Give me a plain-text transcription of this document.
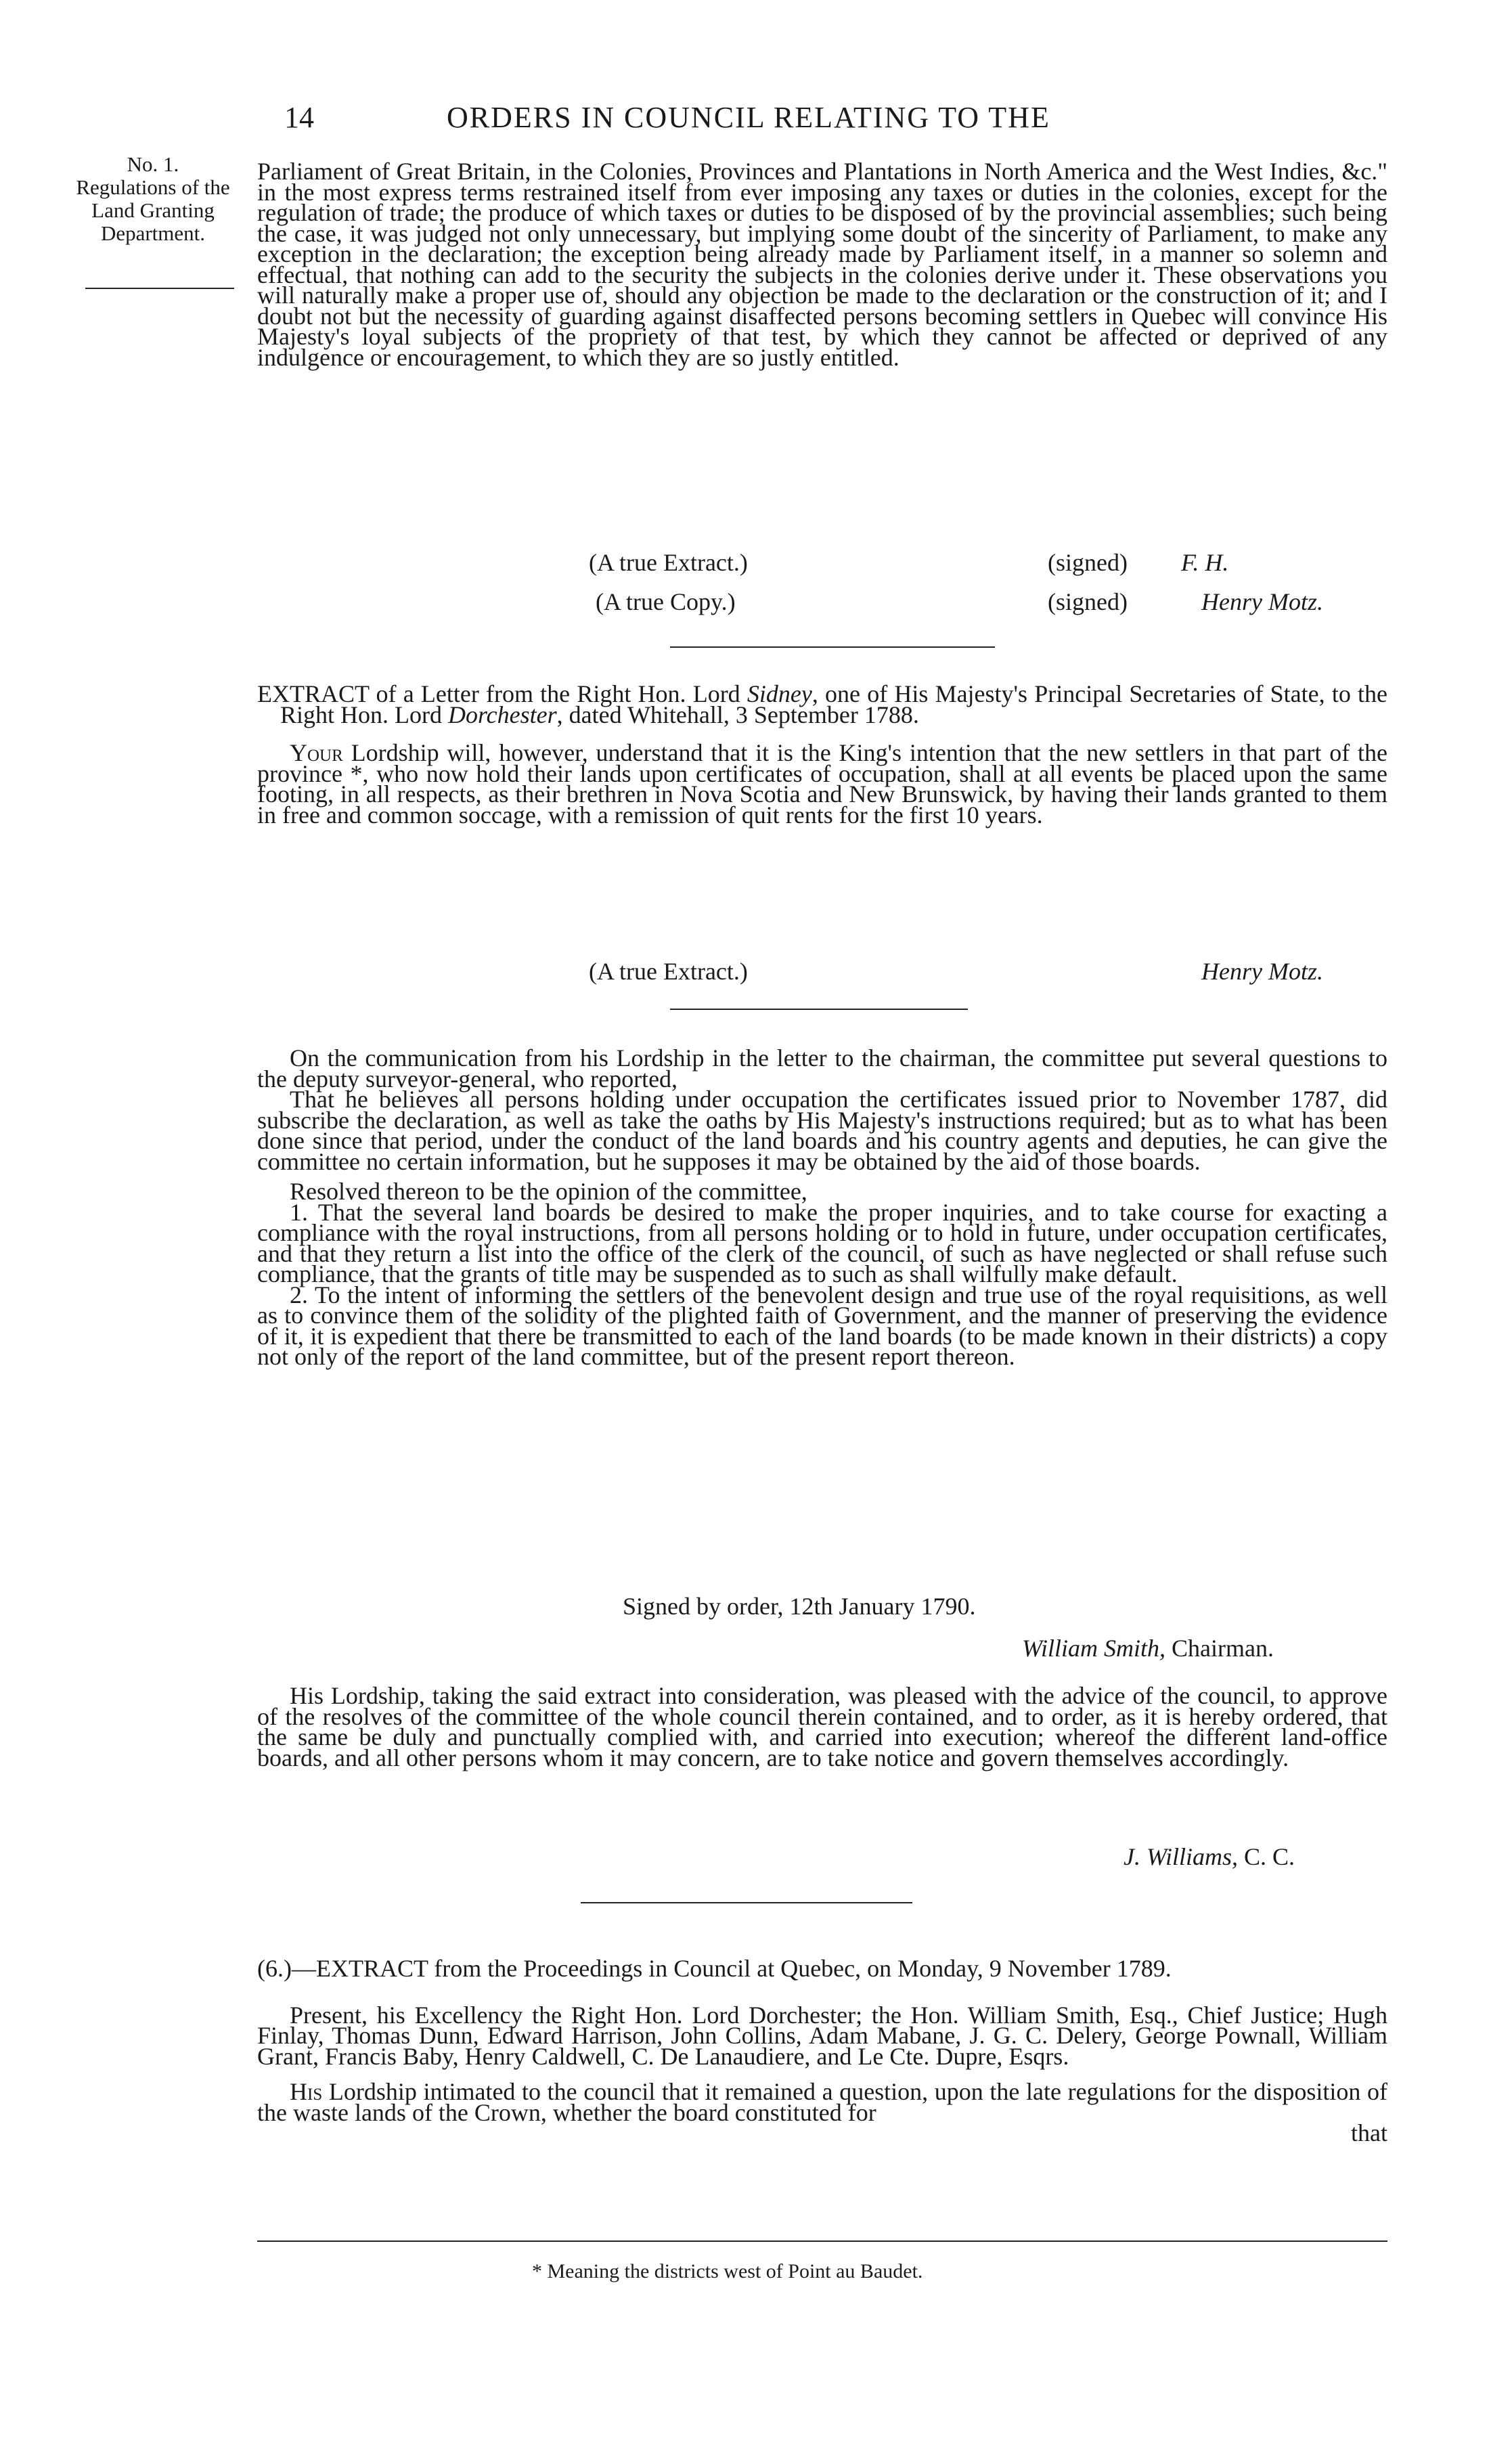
14	ORDERS IN COUNCIL RELATING TO THE
No. 1.
Regulations of the
Land Granting
Department.

Parliament of Great Britain, in the Colonies, Provinces and Plantations in North America and the West Indies, &c." in the most express terms restrained itself from ever imposing any taxes or duties in the colonies, except for the regulation of trade; the produce of which taxes or duties to be disposed of by the provincial assemblies; such being the case, it was judged not only unnecessary, but implying some doubt of the sincerity of Parliament, to make any exception in the declaration; the exception being already made by Parliament itself, in a manner so solemn and effectual, that nothing can add to the security the subjects in the colonies derive under it. These observations you will naturally make a proper use of, should any objection be made to the declaration or the construction of it; and I doubt not but the necessity of guarding against disaffected persons becoming settlers in Quebec will convince His Majesty's loyal subjects of the propriety of that test, by which they cannot be affected or deprived of any indulgence or encouragement, to which they are so justly entitled.

(A true Extract.)	(signed) F. H.
(A true Copy.)	(signed)	Henry Motz.

EXTRACT of a Letter from the Right Hon. Lord Sidney, one of His Majesty's Principal Secretaries of State, to the Right Hon. Lord Dorchester, dated Whitehall, 3 September 1788.

Your Lordship will, however, understand that it is the King's intention that the new settlers in that part of the province *, who now hold their lands upon certificates of occupation, shall at all events be placed upon the same footing, in all respects, as their brethren in Nova Scotia and New Brunswick, by having their lands granted to them in free and common soccage, with a remission of quit rents for the first 10 years.

(A true Extract.)	Henry Motz.

On the communication from his Lordship in the letter to the chairman, the committee put several questions to the deputy surveyor-general, who reported,

That he believes all persons holding under occupation the certificates issued prior to November 1787, did subscribe the declaration, as well as take the oaths by His Majesty's instructions required; but as to what has been done since that period, under the conduct of the land boards and his country agents and deputies, he can give the committee no certain information, but he supposes it may be obtained by the aid of those boards.

Resolved thereon to be the opinion of the committee,

1. That the several land boards be desired to make the proper inquiries, and to take course for exacting a compliance with the royal instructions, from all persons holding or to hold in future, under occupation certificates, and that they return a list into the office of the clerk of the council, of such as have neglected or shall refuse such compliance, that the grants of title may be suspended as to such as shall wilfully make default.

2. To the intent of informing the settlers of the benevolent design and true use of the royal requisitions, as well as to convince them of the solidity of the plighted faith of Government, and the manner of preserving the evidence of it, it is expedient that there be transmitted to each of the land boards (to be made known in their districts) a copy not only of the report of the land committee, but of the present report thereon.

Signed by order, 12th January 1790.
William Smith, Chairman.

His Lordship, taking the said extract into consideration, was pleased with the advice of the council, to approve of the resolves of the committee of the whole council therein contained, and to order, as it is hereby ordered, that the same be duly and punctually complied with, and carried into execution; whereof the different land-office boards, and all other persons whom it may concern, are to take notice and govern themselves accordingly.

J. Williams, C. C.

(6.)—EXTRACT from the Proceedings in Council at Quebec, on Monday, 9 November 1789.

Present, his Excellency the Right Hon. Lord Dorchester; the Hon. William Smith, Esq., Chief Justice; Hugh Finlay, Thomas Dunn, Edward Harrison, John Collins, Adam Mabane, J. G. C. Delery, George Pownall, William Grant, Francis Baby, Henry Caldwell, C. De Lanaudiere, and Le Cte. Dupre, Esqrs.

His Lordship intimated to the council that it remained a question, upon the late regulations for the disposition of the waste lands of the Crown, whether the board constituted for

that

* Meaning the districts west of Point au Baudet.
